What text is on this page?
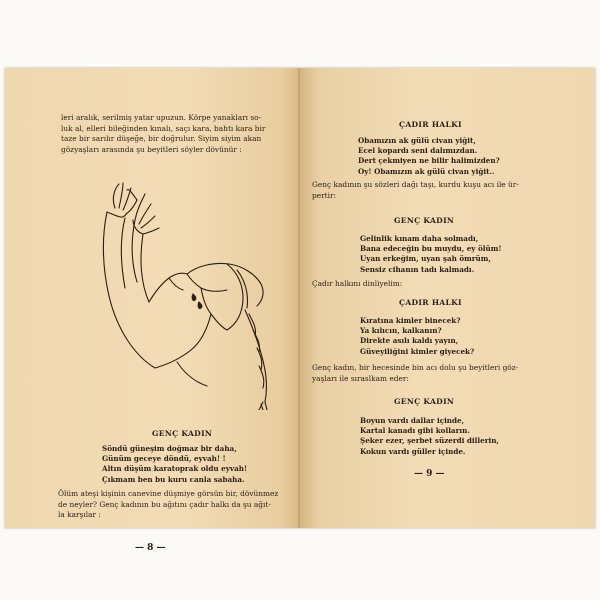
leri aralık, serilmiş yatar upuzun. Körpe yanakları so-
luk al, elleri bileğinden kınalı, saçı kara, bahtı kara bir
taze bir sarılır düşeğe, bir doğrulur. Siyim siyim akan
gözyaşları arasında şu beyitleri söyler dövünür :

GENÇ KADIN

Söndü güneşim doğmaz bir daha,
Günüm geceye döndü, eyvah! !
Altın düşüm karatoprak oldu eyvah!
Çıkmam ben bu kuru canla sabaha.
Ölüm ateşi kişinin canevine düşmiye görsün bir, dövünmez
de neyler? Genç kadının bu ağıtını çadır halkı da şu ağıt-
la karşılar :

— 8 —

ÇADIR HALKI

Obamızın ak gülü civan yiğit,
Ecel kopardı seni dalımızdan.
Dert çekmiyen ne bilir halimizden?
Oy! Obamızın ak gülü civan yiğit..
Genç kadının şu sözleri dağı taşı, kurdu kuşu acı ile ür-
pertir:

GENÇ KADIN

Gelinlik kınam daha solmadı,
Bana edeceğin bu muydu, ey ölüm!
Uyan erkeğim, uyan şah ömrüm,
Sensiz cihanın tadı kalmadı.
Çadır halkını dinliyelim:

ÇADIR HALKI

Kıratına kimler binecek?
Ya kılıcın, kalkanın?
Direkte asılı kaldı yayın,
Güveyiliğini kimler giyecek?
Genç kadın, bir hecesinde bin acı dolu şu beyitleri göz-
yaşları ile sıraslkam eder:

GENÇ KADIN

Boyun vardı dallar içinde,
Kartal kanadı gibi kolların.
Şeker ezer, şerbet süzerdi dillerin,
Kokun vardı güller içinde.

— 9 —
